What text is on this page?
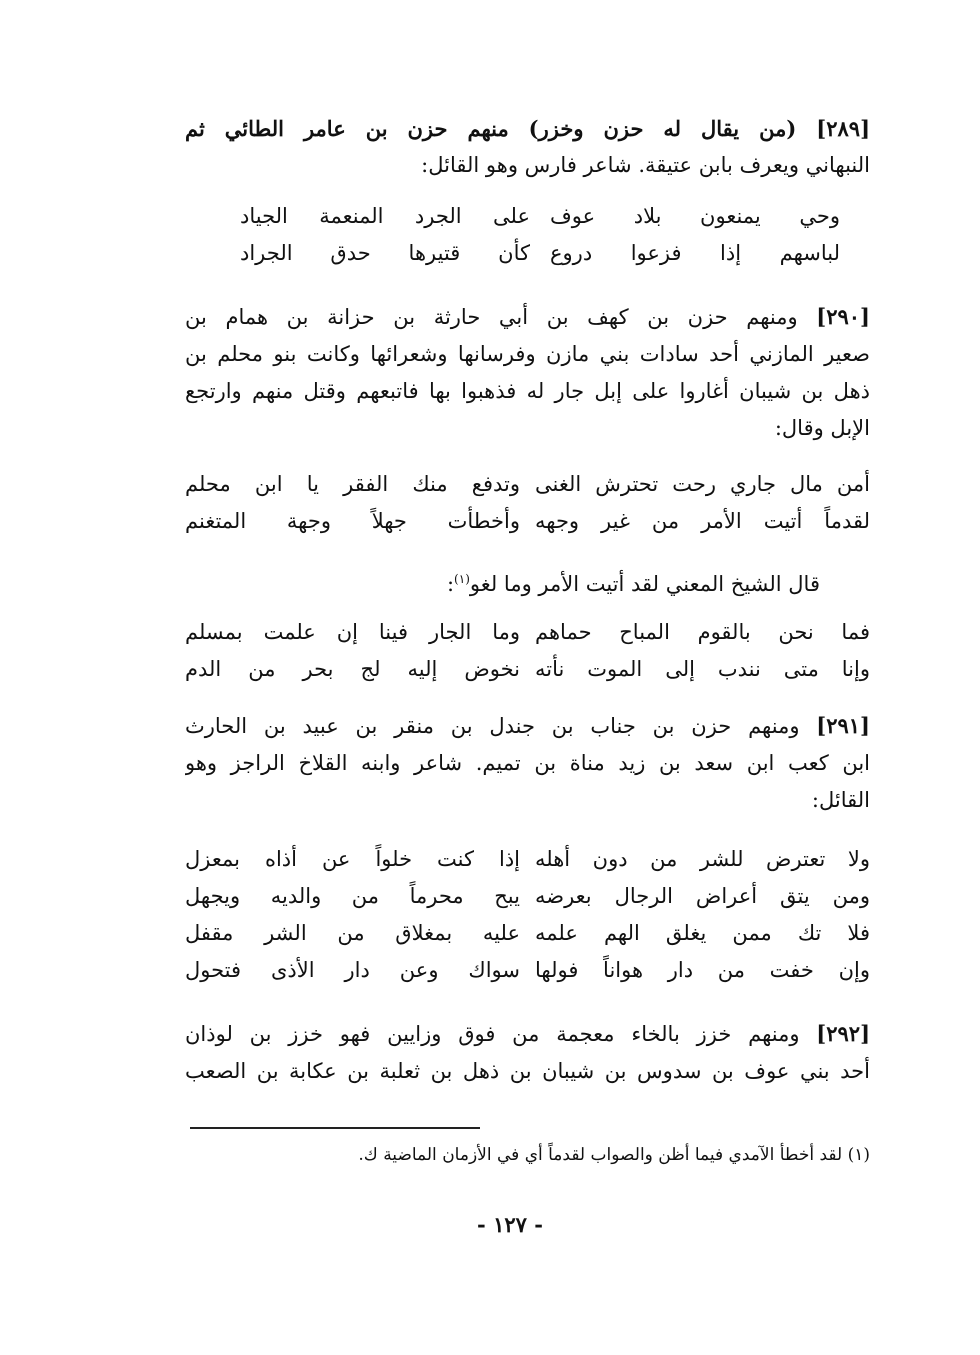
[٢٨٩] (من يقال له حزن وخزر) منهم حزن بن عامر الطائي ثم
النبهاني ويعرف بابن عتيقة. شاعر فارس وهو القائل:
وحي يمنعون بلاد عوف
على الجرد المنعمة الجياد
لباسهم إذا فزعوا دروع
كأن قتيرها حدق الجراد
[٢٩٠] ومنهم حزن بن كهف بن أبي حارثة بن حزانة بن همام بن
صعير المازني أحد سادات بني مازن وفرسانها وشعرائها وكانت بنو محلم بن
ذهل بن شيبان أغاروا على إبل جار له فذهبوا بها فاتبعهم وقتل منهم وارتجع
الإبل وقال:
أمن مال جاري رحت تحترش الغنى
وتدفع منك الفقر يا ابن محلم
لقدماً أتيت الأمر من غير وجهه
وأخطأت جهلاً وجهة المتغنم
قال الشيخ المعني لقد أتيت الأمر وما لغو$^{(١)}$:
فما نحن بالقوم المباح حماهم
وما الجار فينا إن علمت بمسلم
وإنا متى نندب إلى الموت نأته
نخوض إليه لج بحر من الدم
[٢٩١] ومنهم حزن بن جناب بن جندل بن منقر بن عبيد بن الحارث
ابن كعب ابن سعد بن زيد مناة بن تميم. شاعر وابنه القلاخ الراجز وهو
القائل:
ولا تعترض للشر من دون أهله
إذا كنت خلواً عن أذاه بمعزل
ومن يتق أعراض الرجال بعرضه
يبح محرماً من والديه ويجهل
فلا تك ممن يغلق الهم علمه
عليه بمغلاق من الشر مقفل
وإن خفت من دار هواناً فولها
سواك وعن دار الأذى فتحول
[٢٩٢] ومنهم خزز بالخاء معجمة من فوق وزايين فهو خزز بن لوذان
أحد بني عوف بن سدوس بن شيبان بن ذهل بن ثعلبة بن عكابة بن الصعب
(١) لقد أخطأ الآمدي فيما أظن والصواب لقدماً أي في الأزمان الماضية ك.
- ١٢٧ -
